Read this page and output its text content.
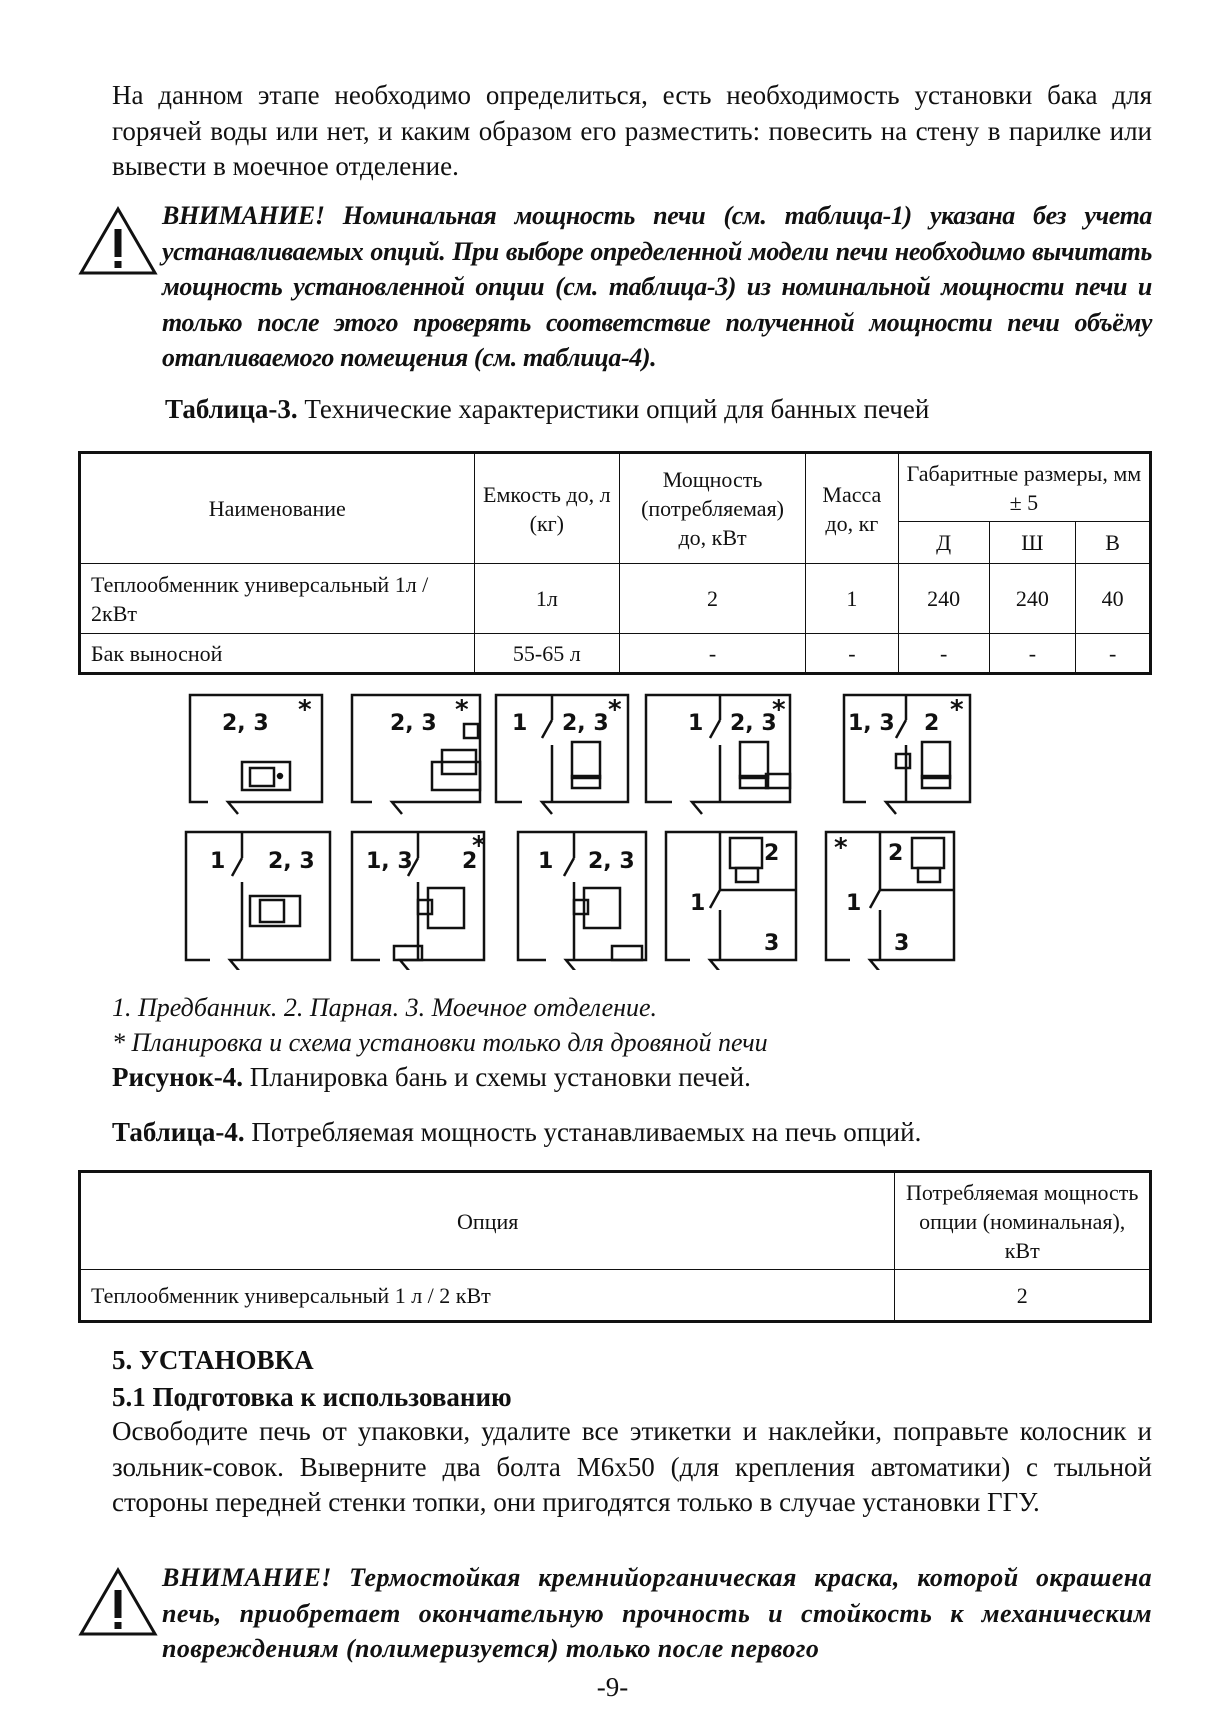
На данном этапе необходимо определиться, есть необходимость установки бака для горячей воды или нет, и каким образом его разместить: повесить на стену в парилке или вывести в моечное отделение.
ВНИМАНИЕ! Номинальная мощность печи (см. таблица-1) указана без учета устанавливаемых опций. При выборе определенной модели печи необходимо вычитать мощность установленной опции (см. таблица-3) из номинальной мощности печи и только после этого проверять соответствие полученной мощности печи объёму отапливаемого помещения (см. таблица-4).
Таблица-3. Технические характеристики опций для банных печей
Наименование	Емкость до, л (кг)	Мощность (потребляемая) до, кВт	Масса до, кг	Габаритные размеры, мм ± 5		
				Д	Ш	В
Теплообменник универсальный 1л / 2кВт	1л	2	1	240	240	40
Бак выносной	55-65 л	-	-	-	-	-
2, 3 *	2, 3 * 1 2, 3 *	1 2, 3
*	1, 3 2 *
1 2, 3 1, 3 2
*
1 2, 3	2
1
3
2
1
3
*
1. Предбанник. 2. Парная. 3. Моечное отделение.
* Планировка и схема установки только для дровяной печи
Рисунок-4. Планировка бань и схемы установки печей.
Таблица-4. Потребляемая мощность устанавливаемых на печь опций.
Опция	Потребляемая мощность опции (номинальная), кВт
Теплообменник универсальный 1 л / 2 кВт	2
5. УСТАНОВКА
5.1 Подготовка к использованию
Освободите печь от упаковки, удалите все этикетки и наклейки, поправьте колосник и зольник-совок. Выверните два болта М6х50 (для крепления автоматики) с тыльной стороны передней стенки топки, они пригодятся только в случае установки ГГУ.
ВНИМАНИЕ! Термостойкая кремнийорганическая краска, которой окрашена печь, приобретает окончательную прочность и стойкость к механическим повреждениям (полимеризуется) только после первого
-9-
